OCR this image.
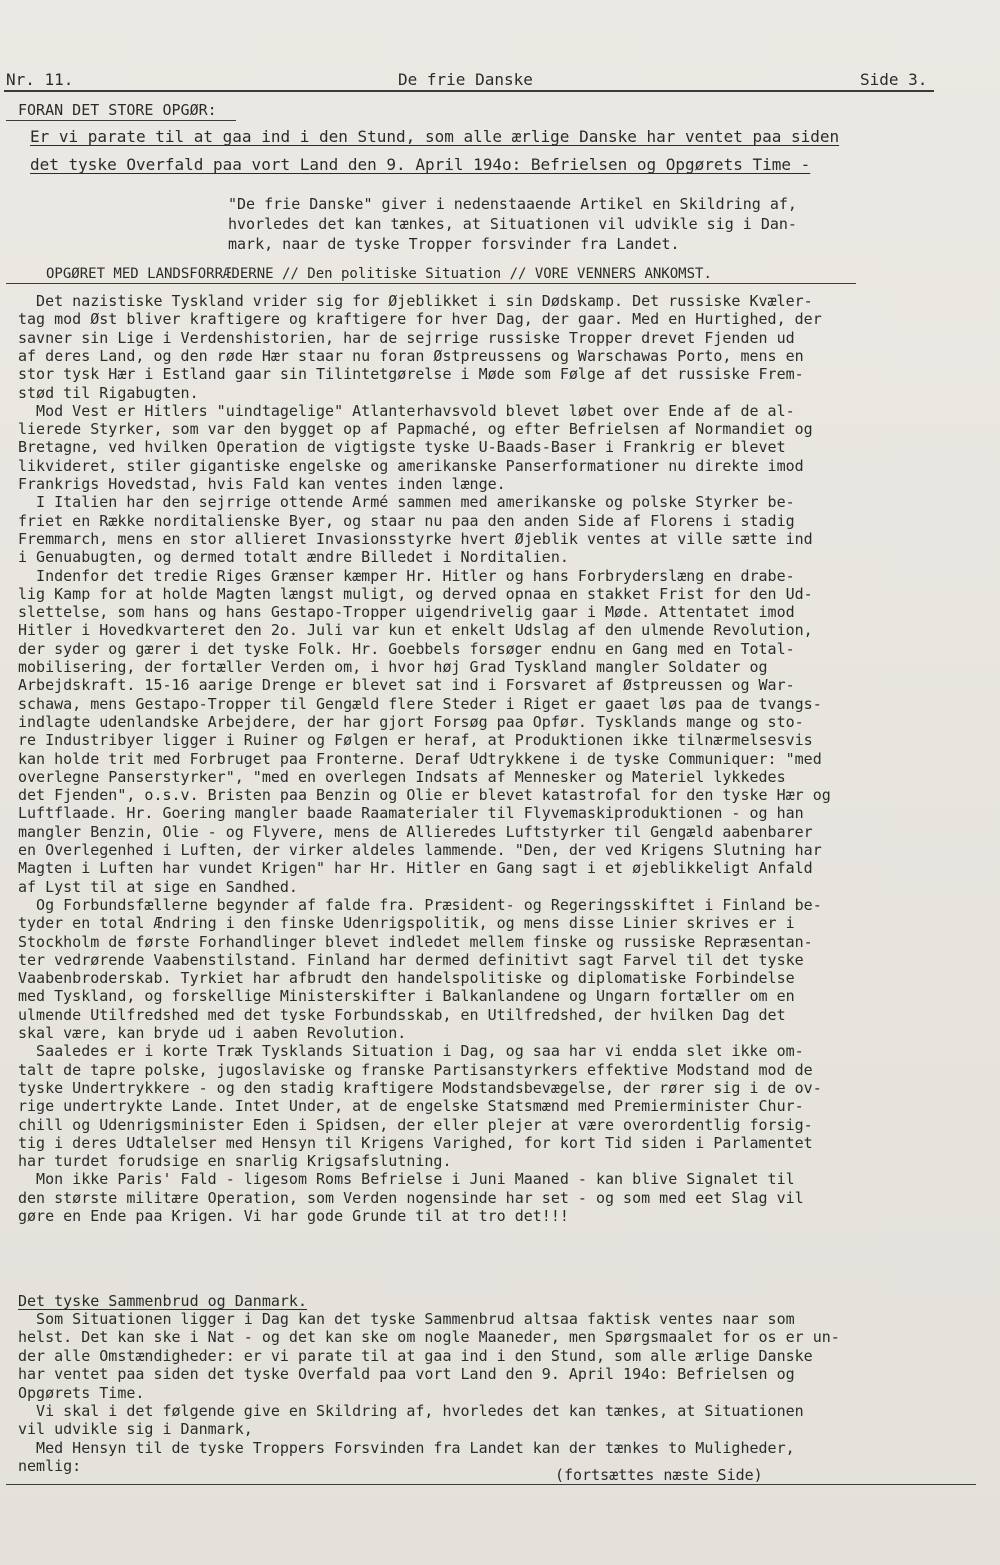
Nr. 11.	De frie Danske	Side 3.
FORAN DET STORE OPGØR:
Er vi parate til at gaa ind i den Stund, som alle ærlige Danske har ventet paa siden
det tyske Overfald paa vort Land den 9. April 194o: Befrielsen og Opgørets Time -
"De frie Danske" giver i nedenstaaende Artikel en Skildring af,
hvorledes det kan tænkes, at Situationen vil udvikle sig i Dan-
mark, naar de tyske Tropper forsvinder fra Landet.
OPGØRET MED LANDSFORRÆDERNE // Den politiske Situation // VORE VENNERS ANKOMST.
Det nazistiske Tyskland vrider sig for Øjeblikket i sin Dødskamp. Det russiske Kvæler-
tag mod Øst bliver kraftigere og kraftigere for hver Dag, der gaar. Med en Hurtighed, der
savner sin Lige i Verdenshistorien, har de sejrrige russiske Tropper drevet Fjenden ud
af deres Land, og den røde Hær staar nu foran Østpreussens og Warschawas Porto, mens en
stor tysk Hær i Estland gaar sin Tilintetgørelse i Møde som Følge af det russiske Frem-
stød til Rigabugten.
Mod Vest er Hitlers "uindtagelige" Atlanterhavsvold blevet løbet over Ende af de al-
lierede Styrker, som var den bygget op af Papmaché, og efter Befrielsen af Normandiet og
Bretagne, ved hvilken Operation de vigtigste tyske U-Baads-Baser i Frankrig er blevet
likvideret, stiler gigantiske engelske og amerikanske Panserformationer nu direkte imod
Frankrigs Hovedstad, hvis Fald kan ventes inden længe.
I Italien har den sejrrige ottende Armé sammen med amerikanske og polske Styrker be-
friet en Række norditalienske Byer, og staar nu paa den anden Side af Florens i stadig
Fremmarch, mens en stor allieret Invasionsstyrke hvert Øjeblik ventes at ville sætte ind
i Genuabugten, og dermed totalt ændre Billedet i Norditalien.
Indenfor det tredie Riges Grænser kæmper Hr. Hitler og hans Forbryderslæng en drabe-
lig Kamp for at holde Magten længst muligt, og derved opnaa en stakket Frist for den Ud-
slettelse, som hans og hans Gestapo-Tropper uigendrivelig gaar i Møde. Attentatet imod
Hitler i Hovedkvarteret den 2o. Juli var kun et enkelt Udslag af den ulmende Revolution,
der syder og gærer i det tyske Folk. Hr. Goebbels forsøger endnu en Gang med en Total-
mobilisering, der fortæller Verden om, i hvor høj Grad Tyskland mangler Soldater og
Arbejdskraft. 15-16 aarige Drenge er blevet sat ind i Forsvaret af Østpreussen og War-
schawa, mens Gestapo-Tropper til Gengæld flere Steder i Riget er gaaet løs paa de tvangs-
indlagte udenlandske Arbejdere, der har gjort Forsøg paa Opfør. Tysklands mange og sto-
re Industribyer ligger i Ruiner og Følgen er heraf, at Produktionen ikke tilnærmelsesvis
kan holde trit med Forbruget paa Fronterne. Deraf Udtrykkene i de tyske Communiquer: "med
overlegne Panserstyrker", "med en overlegen Indsats af Mennesker og Materiel lykkedes
det Fjenden", o.s.v. Bristen paa Benzin og Olie er blevet katastrofal for den tyske Hær og
Luftflaade. Hr. Goering mangler baade Raamaterialer til Flyvemaskiproduktionen - og han
mangler Benzin, Olie - og Flyvere, mens de Allieredes Luftstyrker til Gengæld aabenbarer
en Overlegenhed i Luften, der virker aldeles lammende. "Den, der ved Krigens Slutning har
Magten i Luften har vundet Krigen" har Hr. Hitler en Gang sagt i et øjeblikkeligt Anfald
af Lyst til at sige en Sandhed.
Og Forbundsfællerne begynder af falde fra. Præsident- og Regeringsskiftet i Finland be-
tyder en total Ændring i den finske Udenrigspolitik, og mens disse Linier skrives er i
Stockholm de første Forhandlinger blevet indledet mellem finske og russiske Repræsentan-
ter vedrørende Vaabenstilstand. Finland har dermed definitivt sagt Farvel til det tyske
Vaabenbroderskab. Tyrkiet har afbrudt den handelspolitiske og diplomatiske Forbindelse
med Tyskland, og forskellige Ministerskifter i Balkanlandene og Ungarn fortæller om en
ulmende Utilfredshed med det tyske Forbundsskab, en Utilfredshed, der hvilken Dag det
skal være, kan bryde ud i aaben Revolution.
Saaledes er i korte Træk Tysklands Situation i Dag, og saa har vi endda slet ikke om-
talt de tapre polske, jugoslaviske og franske Partisanstyrkers effektive Modstand mod de
tyske Undertrykkere - og den stadig kraftigere Modstandsbevægelse, der rører sig i de ov-
rige undertrykte Lande. Intet Under, at de engelske Statsmænd med Premierminister Chur-
chill og Udenrigsminister Eden i Spidsen, der eller plejer at være overordentlig forsig-
tig i deres Udtalelser med Hensyn til Krigens Varighed, for kort Tid siden i Parlamentet
har turdet forudsige en snarlig Krigsafslutning.
Mon ikke Paris' Fald - ligesom Roms Befrielse i Juni Maaned - kan blive Signalet til
den største militære Operation, som Verden nogensinde har set - og som med eet Slag vil
gøre en Ende paa Krigen. Vi har gode Grunde til at tro det!!!
Det tyske Sammenbrud og Danmark.
Som Situationen ligger i Dag kan det tyske Sammenbrud altsaa faktisk ventes naar som
helst. Det kan ske i Nat - og det kan ske om nogle Maaneder, men Spørgsmaalet for os er un-
der alle Omstændigheder: er vi parate til at gaa ind i den Stund, som alle ærlige Danske
har ventet paa siden det tyske Overfald paa vort Land den 9. April 194o: Befrielsen og
Opgørets Time.
Vi skal i det følgende give en Skildring af, hvorledes det kan tænkes, at Situationen
vil udvikle sig i Danmark,
Med Hensyn til de tyske Troppers Forsvinden fra Landet kan der tænkes to Muligheder,
nemlig:	(fortsættes næste Side)
